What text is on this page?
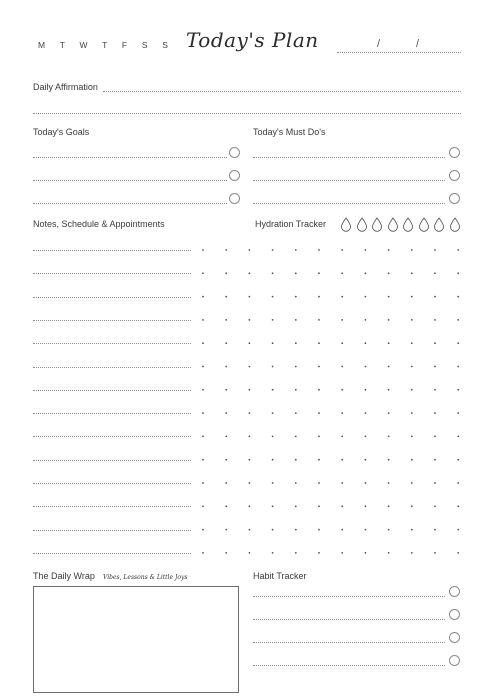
M T W T F S S Today's Plan	/	/
Daily Affirmation
Today's Goals	Today's Must Do's
Notes, Schedule & Appointments	Hydration Tracker
The Daily Wrap Vibes, Lessons & Little Joys	Habit Tracker
